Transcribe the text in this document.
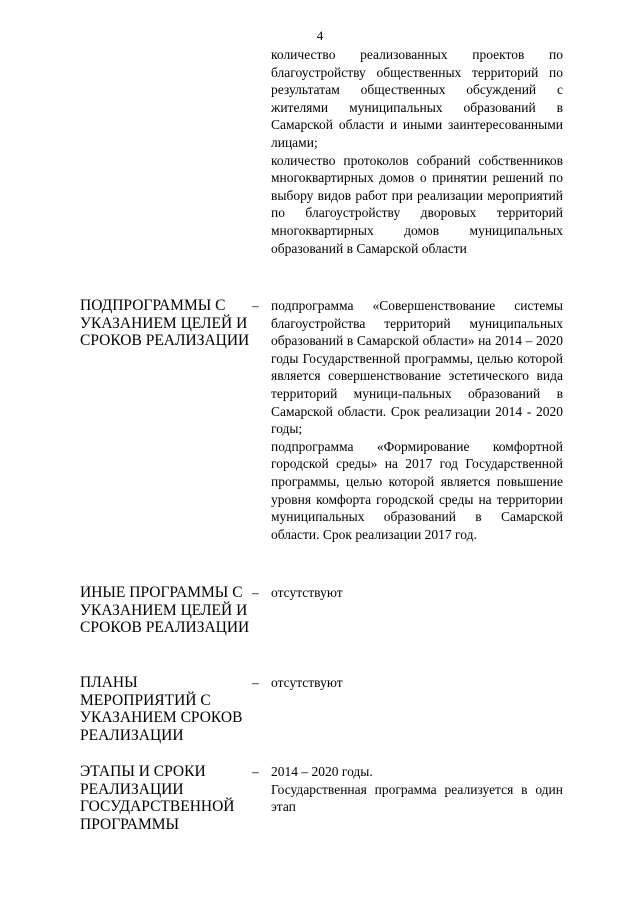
4

количество реализованных проектов по благоустройству общественных территорий по результатам общественных обсуждений с жителями муниципальных образований в Самарской области и иными заинтересованными лицами;

количество протоколов собраний собственников многоквартирных домов о принятии решений по выбору видов работ при реализации мероприятий по благоустройству дворовых территорий многоквартирных домов муниципальных образований в Самарской области

ПОДПРОГРАММЫ С УКАЗАНИЕМ ЦЕЛЕЙ И СРОКОВ РЕАЛИЗАЦИИ
– подпрограмма «Совершенствование системы благоустройства территорий муниципальных образований в Самарской области» на 2014 – 2020 годы Государственной программы, целью которой является совершенствование эстетического вида территорий муници-пальных образований в Самарской области. Срок реализации 2014 - 2020 годы;

подпрограмма «Формирование комфортной городской среды» на 2017 год Государственной программы, целью которой является повышение уровня комфорта городской среды на территории муниципальных образований в Самарской области. Срок реализации 2017 год.

ИНЫЕ ПРОГРАММЫ С УКАЗАНИЕМ ЦЕЛЕЙ И СРОКОВ РЕАЛИЗАЦИИ
– отсутствуют

ПЛАНЫ МЕРОПРИЯТИЙ С УКАЗАНИЕМ СРОКОВ РЕАЛИЗАЦИИ
– отсутствуют

ЭТАПЫ И СРОКИ РЕАЛИЗАЦИИ ГОСУДАРСТВЕННОЙ ПРОГРАММЫ
– 2014 – 2020 годы.

Государственная программа реализуется в один этап
